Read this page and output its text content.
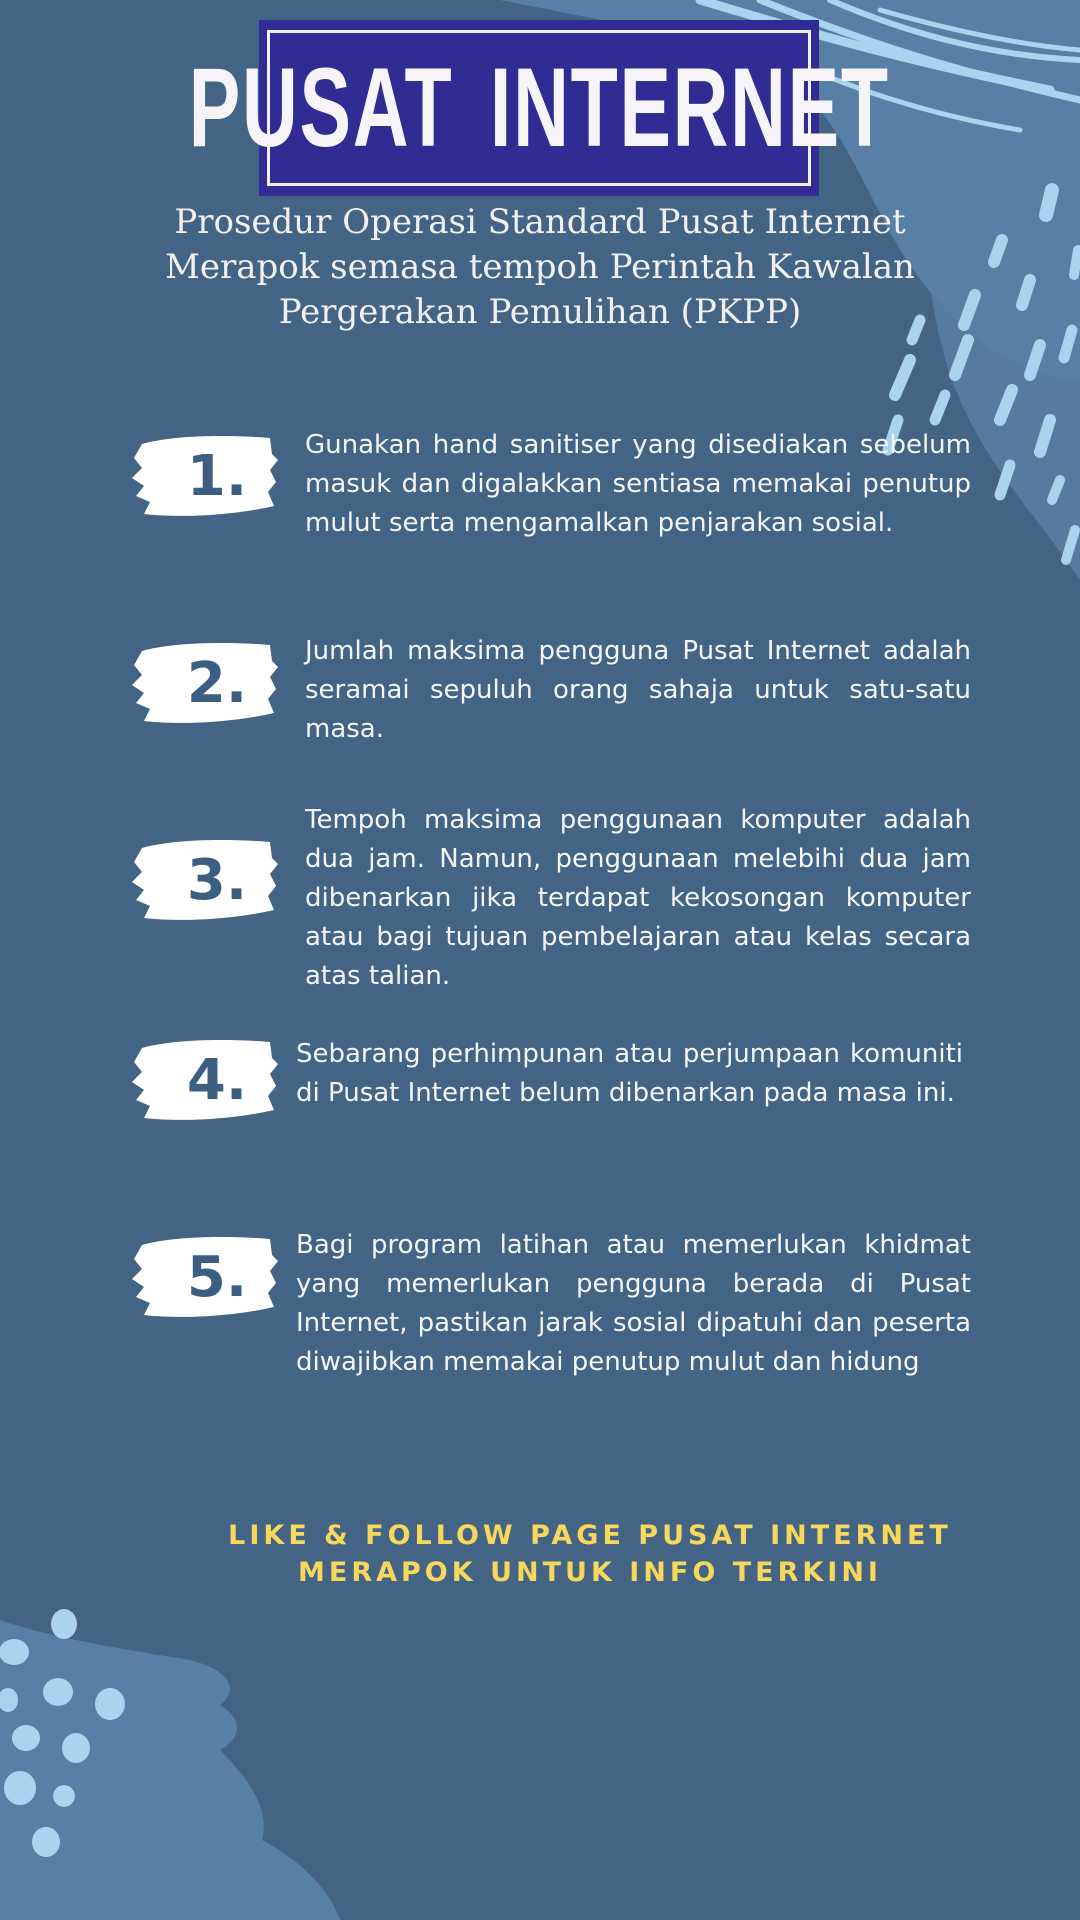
PUSAT INTERNET
Prosedur Operasi Standard Pusat Internet Merapok semasa tempoh Perintah Kawalan Pergerakan Pemulihan (PKPP)
1.	Gunakan hand sanitiser yang disediakan sebelum masuk dan digalakkan sentiasa memakai penutup mulut serta mengamalkan penjarakan sosial.
2.	Jumlah maksima pengguna Pusat Internet adalah seramai sepuluh orang sahaja untuk satu-satu masa.
3.
Tempoh maksima penggunaan komputer adalah dua jam. Namun, penggunaan melebihi dua jam dibenarkan jika terdapat kekosongan komputer atau bagi tujuan pembelajaran atau kelas secara atas talian.
4.	Sebarang perhimpunan atau perjumpaan komuniti di Pusat Internet belum dibenarkan pada masa ini.
5.	Bagi program latihan atau memerlukan khidmat yang memerlukan pengguna berada di Pusat Internet, pastikan jarak sosial dipatuhi dan peserta diwajibkan memakai penutup mulut dan hidung
LIKE & FOLLOW PAGE PUSAT INTERNET
MERAPOK UNTUK INFO TERKINI
